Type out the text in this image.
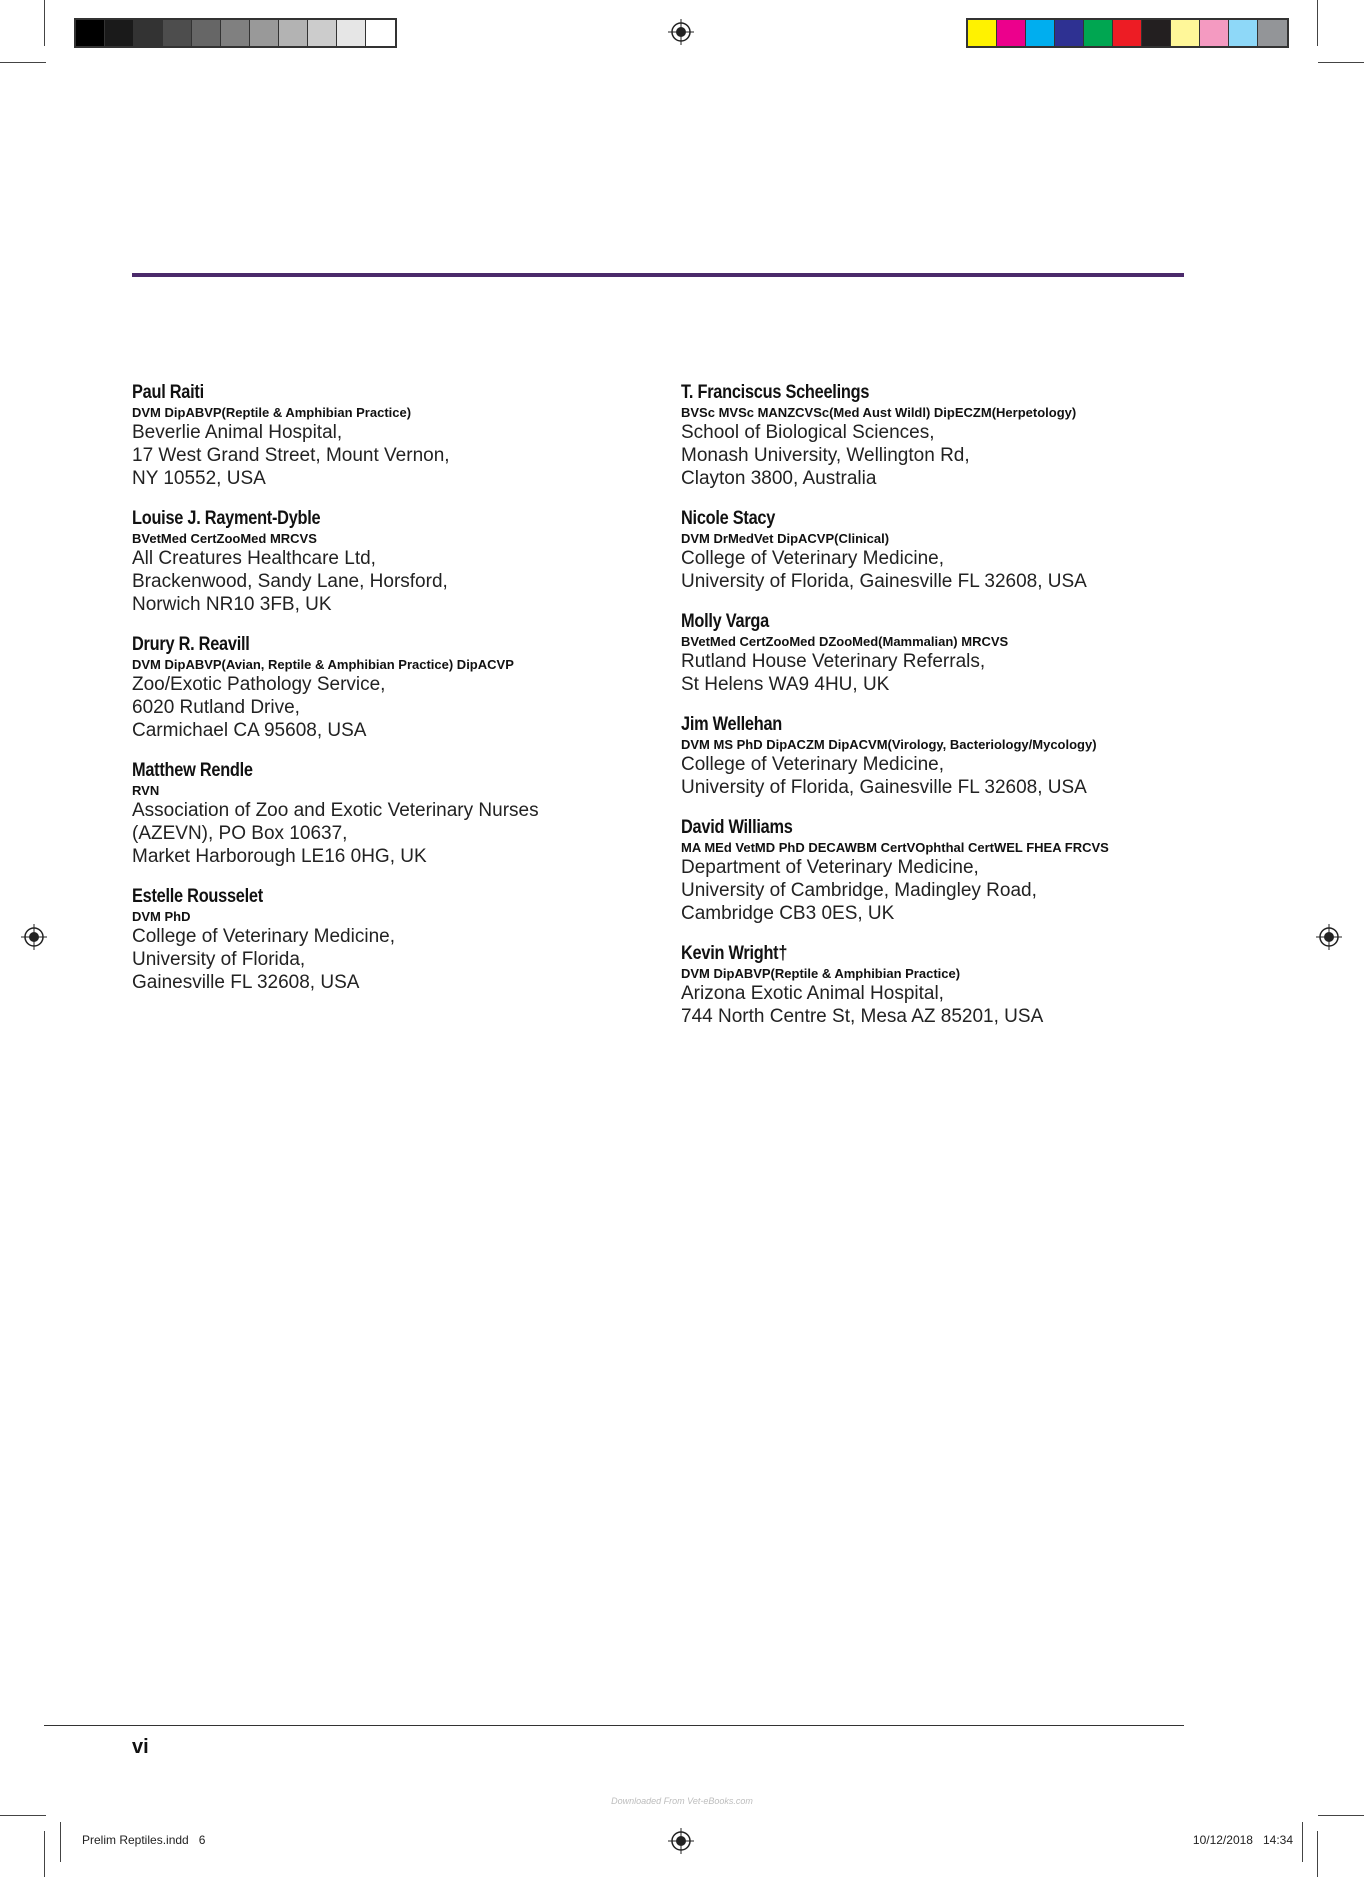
Paul Raiti
DVM DipABVP(Reptile & Amphibian Practice)
Beverlie Animal Hospital,
17 West Grand Street, Mount Vernon,
NY 10552, USA
Louise J. Rayment-Dyble
BVetMed CertZooMed MRCVS
All Creatures Healthcare Ltd,
Brackenwood, Sandy Lane, Horsford,
Norwich NR10 3FB, UK
Drury R. Reavill
DVM DipABVP(Avian, Reptile & Amphibian Practice) DipACVP
Zoo/Exotic Pathology Service,
6020 Rutland Drive,
Carmichael CA 95608, USA
Matthew Rendle
RVN
Association of Zoo and Exotic Veterinary Nurses
(AZEVN), PO Box 10637,
Market Harborough LE16 0HG, UK
Estelle Rousselet
DVM PhD
College of Veterinary Medicine,
University of Florida,
Gainesville FL 32608, USA
T. Franciscus Scheelings
BVSc MVSc MANZCVSc(Med Aust Wildl) DipECZM(Herpetology)
School of Biological Sciences,
Monash University, Wellington Rd,
Clayton 3800, Australia
Nicole Stacy
DVM DrMedVet DipACVP(Clinical)
College of Veterinary Medicine,
University of Florida, Gainesville FL 32608, USA
Molly Varga
BVetMed CertZooMed DZooMed(Mammalian) MRCVS
Rutland House Veterinary Referrals,
St Helens WA9 4HU, UK
Jim Wellehan
DVM MS PhD DipACZM DipACVM(Virology, Bacteriology/Mycology)
College of Veterinary Medicine,
University of Florida, Gainesville FL 32608, USA
David Williams
MA MEd VetMD PhD DECAWBM CertVOphthal CertWEL FHEA FRCVS
Department of Veterinary Medicine,
University of Cambridge, Madingley Road,
Cambridge CB3 0ES, UK
Kevin Wright†
DVM DipABVP(Reptile & Amphibian Practice)
Arizona Exotic Animal Hospital,
744 North Centre St, Mesa AZ 85201, USA
vi
Downloaded From Vet-eBooks.com
Prelim Reptiles.indd   6	10/12/2018   14:34
